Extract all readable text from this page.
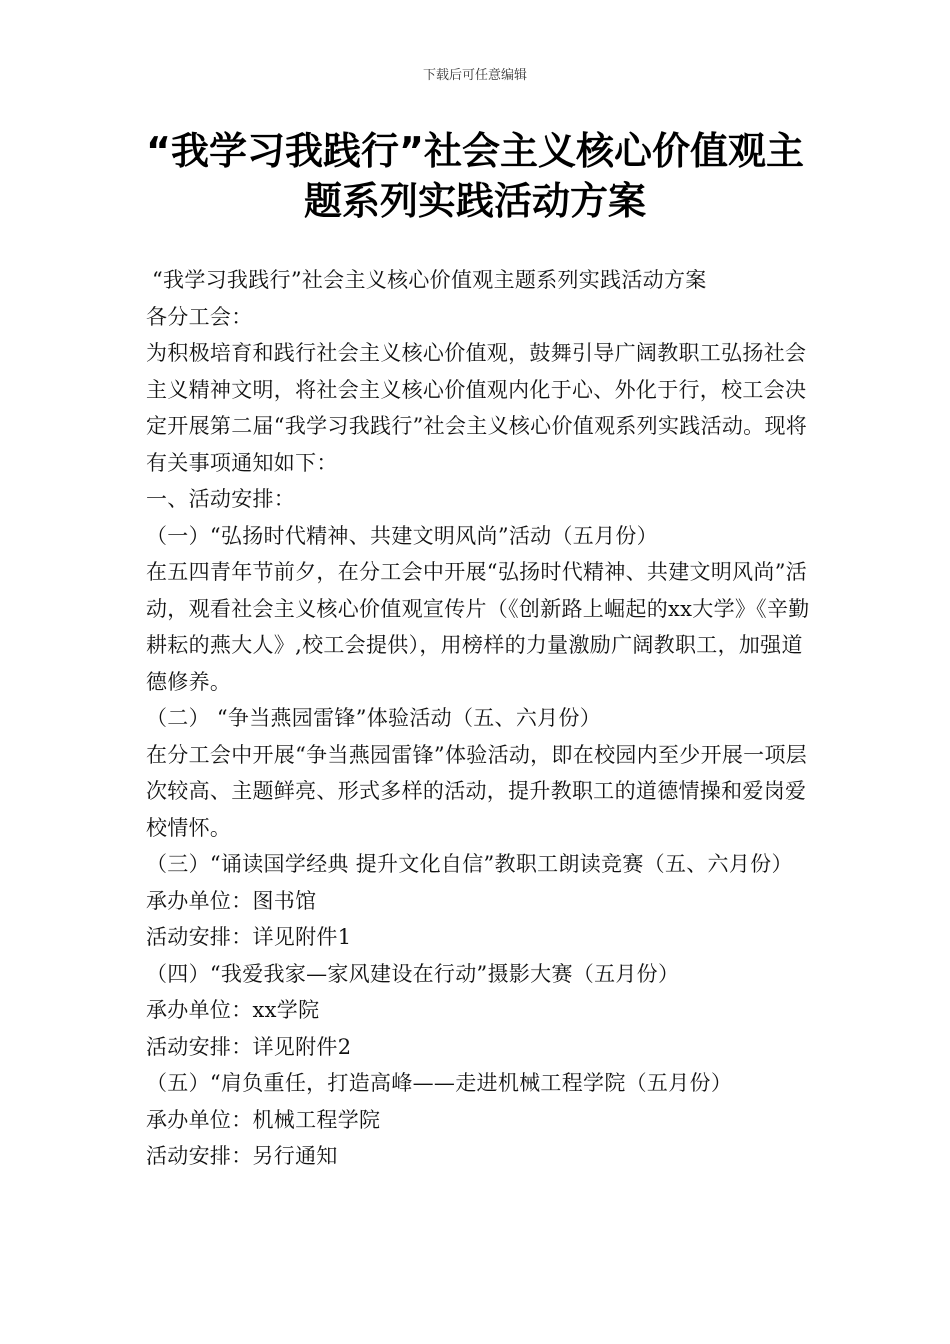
下载后可任意编辑
“我学习我践行”社会主义核心价值观主
题系列实践活动方案

“我学习我践行”社会主义核心价值观主题系列实践活动方案

各分工会：

为积极培育和践行社会主义核心价值观，鼓舞引导广阔教职工弘扬社会主义精神文明，将社会主义核心价值观内化于心、外化于行，校工会决定开展第二届“我学习我践行”社会主义核心价值观系列实践活动。现将有关事项通知如下：

一、活动安排：

（一）“弘扬时代精神、共建文明风尚”活动（五月份）

在五四青年节前夕，在分工会中开展“弘扬时代精神、共建文明风尚”活动，观看社会主义核心价值观宣传片（《创新路上崛起的xx大学》《辛勤耕耘的燕大人》,校工会提供），用榜样的力量激励广阔教职工，加强道德修养。

（二） “争当燕园雷锋”体验活动（五、六月份）

在分工会中开展“争当燕园雷锋”体验活动，即在校园内至少开展一项层次较高、主题鲜亮、形式多样的活动，提升教职工的道德情操和爱岗爱校情怀。

（三）“诵读国学经典 提升文化自信”教职工朗读竞赛（五、六月份）

承办单位：图书馆

活动安排：详见附件1

（四）“我爱我家—家风建设在行动”摄影大赛（五月份）

承办单位：xx学院

活动安排：详见附件2

（五）“肩负重任，打造高峰——走进机械工程学院（五月份）

承办单位：机械工程学院

活动安排：另行通知
